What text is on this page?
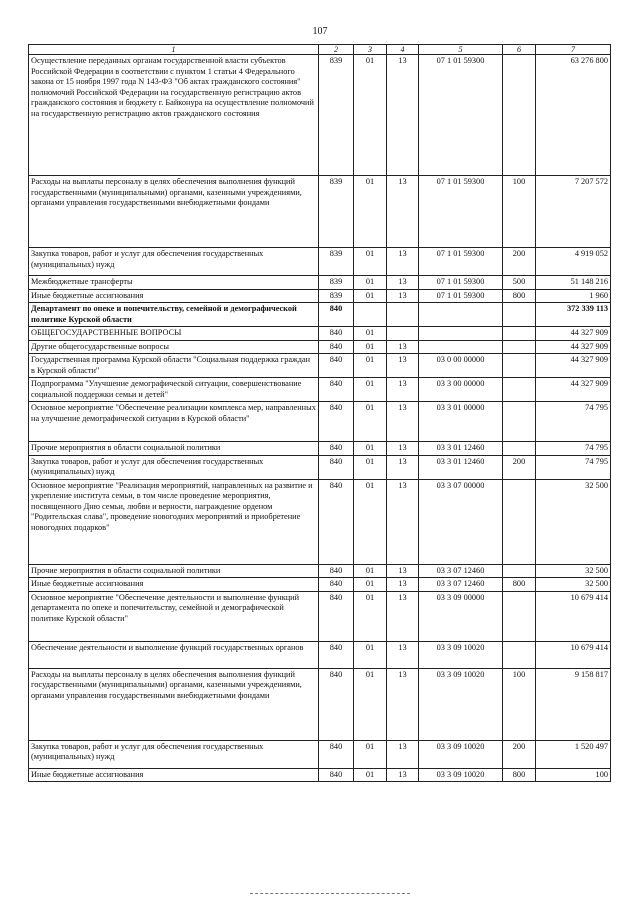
107
1	2	3	4	5	6	7
Осуществление переданных органам государственной власти субъектов Российской Федерации в соответствии с пунктом 1 статьи 4 Федерального закона от 15 ноября 1997 года N 143-ФЗ "Об актах гражданского состояния" полномочий Российской Федерации на государственную регистрацию актов гражданского состояния и бюджету г. Байконура на осуществление полномочий на государственную регистрацию актов гражданского состояния	839	01	13	07 1 01 59300		63 276 800
Расходы на выплаты персоналу в целях обеспечения выполнения функций государственными (муниципальными) органами, казенными учреждениями, органами управления государственными внебюджетными фондами	839	01	13	07 1 01 59300	100	7 207 572
Закупка товаров, работ и услуг для обеспечения государственных (муниципальных) нужд	839	01	13	07 1 01 59300	200	4 919 052
Межбюджетные трансферты	839	01	13	07 1 01 59300	500	51 148 216
Иные бюджетные ассигнования	839	01	13	07 1 01 59300	800	1 960
Департамент по опеке и попечительству, семейной и демографической политике Курской области	840					372 339 113
ОБЩЕГОСУДАРСТВЕННЫЕ ВОПРОСЫ	840	01				44 327 909
Другие общегосударственные вопросы	840	01	13			44 327 909
Государственная программа Курской области "Социальная поддержка граждан в Курской области"	840	01	13	03 0 00 00000		44 327 909
Подпрограмма "Улучшение демографической ситуации, совершенствование социальной поддержки семьи и детей"	840	01	13	03 3 00 00000		44 327 909
Основное мероприятие "Обеспечение реализации комплекса мер, направленных на улучшение демографической ситуации в Курской области"	840	01	13	03 3 01 00000		74 795
Прочие мероприятия в области социальной политики	840	01	13	03 3 01 12460		74 795
Закупка товаров, работ и услуг для обеспечения государственных (муниципальных) нужд	840	01	13	03 3 01 12460	200	74 795
Основное мероприятие "Реализация мероприятий, направленных на развитие и укрепление института семьи, в том числе проведение мероприятия, посвященного Дню семьи, любви и верности, награждение орденом "Родительская слава", проведение новогодних мероприятий и приобретение новогодних подарков"	840	01	13	03 3 07 00000		32 500
Прочие мероприятия в области социальной политики	840	01	13	03 3 07 12460		32 500
Иные бюджетные ассигнования	840	01	13	03 3 07 12460	800	32 500
Основное мероприятие "Обеспечение деятельности и выполнение функций департамента по опеке и попечительству, семейной и демографической политике Курской области"	840	01	13	03 3 09 00000		10 679 414
Обеспечение деятельности и выполнение функций государственных органов	840	01	13	03 3 09 10020		10 679 414
Расходы на выплаты персоналу в целях обеспечения выполнения функций государственными (муниципальными) органами, казенными учреждениями, органами управления государственными внебюджетными фондами	840	01	13	03 3 09 10020	100	9 158 817
Закупка товаров, работ и услуг для обеспечения государственных (муниципальных) нужд	840	01	13	03 3 09 10020	200	1 520 497
Иные бюджетные ассигнования	840	01	13	03 3 09 10020	800	100
